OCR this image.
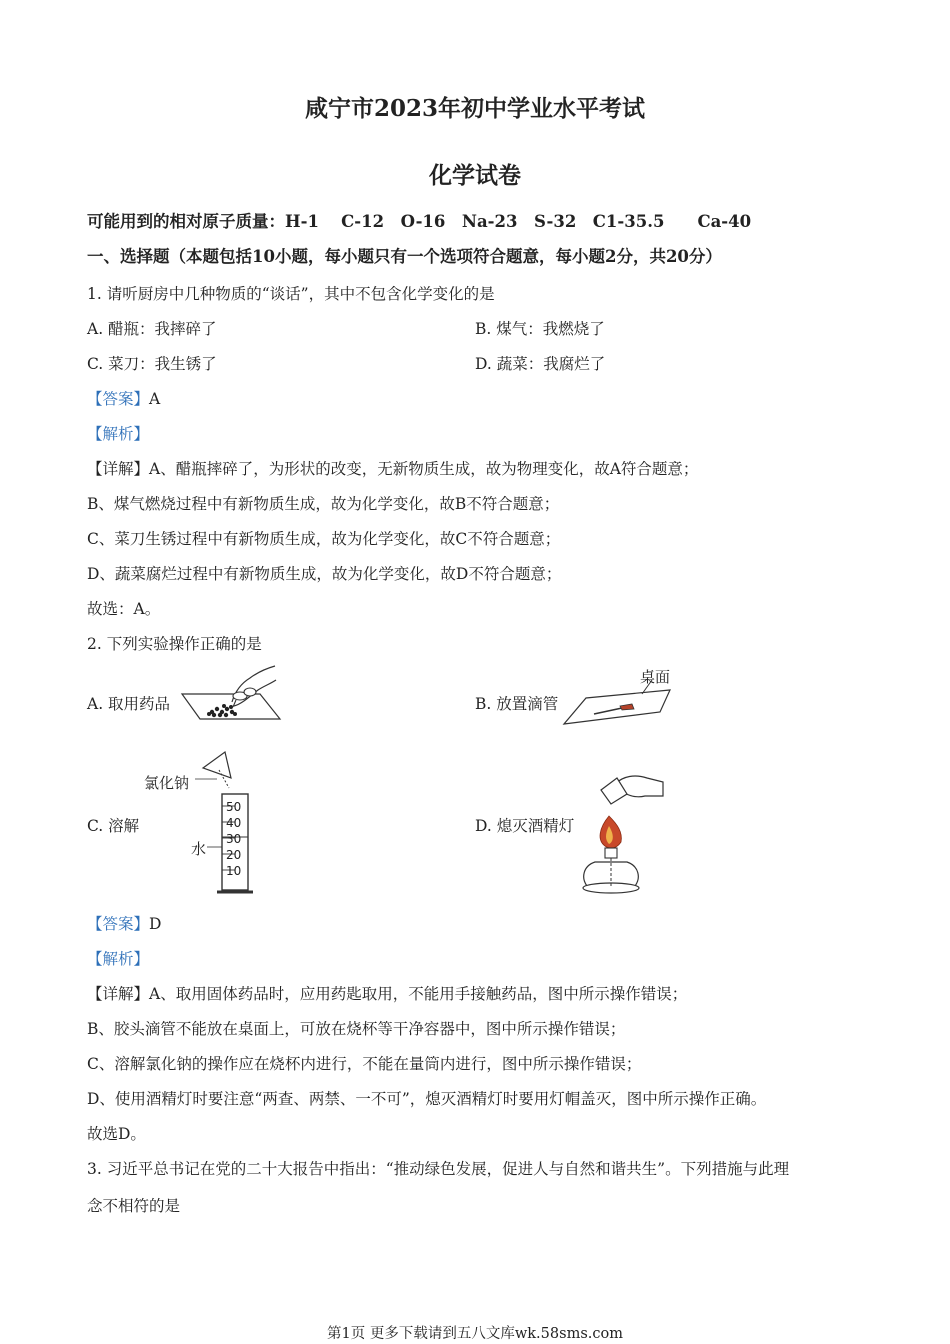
咸宁市2023年初中学业水平考试
化学试卷
可能用到的相对原子质量：H-1　 C-12　O-16　Na-23　S-32　C1-35.5　　Ca-40
一、选择题（本题包括10小题，每小题只有一个选项符合题意，每小题2分，共20分）
1. 请听厨房中几种物质的“谈话”，其中不包含化学变化的是
A. 醋瓶：我摔碎了	B. 煤气：我燃烧了
C. 菜刀：我生锈了	D. 蔬菜：我腐烂了
【答案】A
【解析】
【详解】A、醋瓶摔碎了，为形状的改变，无新物质生成，故为物理变化，故A符合题意；
B、煤气燃烧过程中有新物质生成，故为化学变化，故B不符合题意；
C、菜刀生锈过程中有新物质生成，故为化学变化，故C不符合题意；
D、蔬菜腐烂过程中有新物质生成，故为化学变化，故D不符合题意；
故选：A。
2. 下列实验操作正确的是
A. 取用药品	B. 放置滴管
桌面
C. 溶解
氯化钠
水
50
40
30
20
10
D. 熄灭酒精灯
【答案】D
【解析】
【详解】A、取用固体药品时，应用药匙取用，不能用手接触药品，图中所示操作错误；
B、胶头滴管不能放在桌面上，可放在烧杯等干净容器中，图中所示操作错误；
C、溶解氯化钠的操作应在烧杯内进行，不能在量筒内进行，图中所示操作错误；
D、使用酒精灯时要注意“两查、两禁、一不可”，熄灭酒精灯时要用灯帽盖灭，图中所示操作正确。
故选D。
3. 习近平总书记在党的二十大报告中指出：“推动绿色发展，促进人与自然和谐共生”。下列措施与此理
念不相符的是
第1页 更多下载请到五八文库wk.58sms.com
